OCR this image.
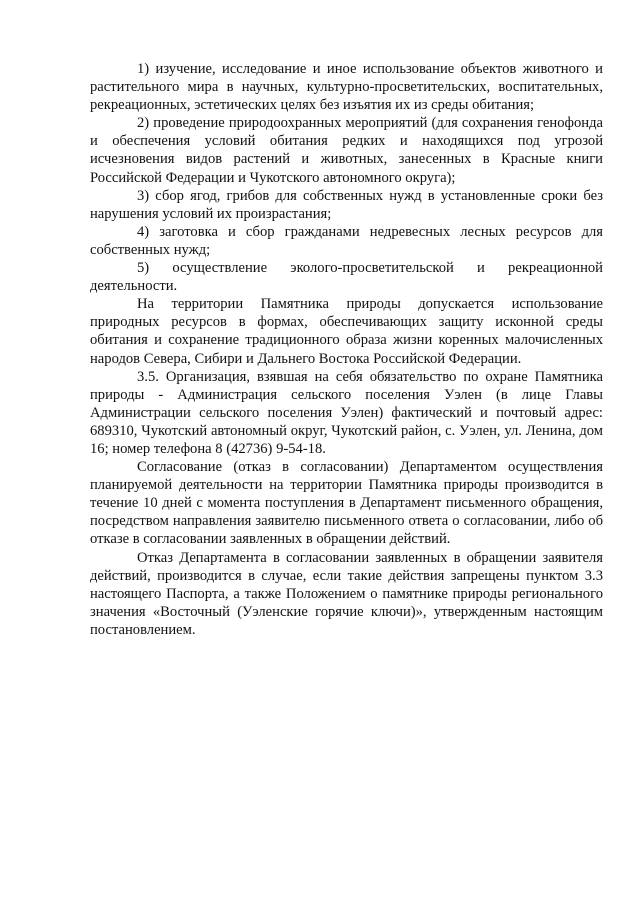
1) изучение, исследование и иное использование объектов животного и растительного мира в научных, культурно-просветительских, воспитательных, рекреационных, эстетических целях без изъятия их из среды обитания;

2) проведение природоохранных мероприятий (для сохранения генофонда и обеспечения условий обитания редких и находящихся под угрозой исчезновения видов растений и животных, занесенных в Красные книги Российской Федерации и Чукотского автономного округа);

3) сбор ягод, грибов для собственных нужд в установленные сроки без нарушения условий их произрастания;

4) заготовка и сбор гражданами недревесных лесных ресурсов для собственных нужд;

5) осуществление эколого-просветительской и рекреационной деятельности.

На территории Памятника природы допускается использование природных ресурсов в формах, обеспечивающих защиту исконной среды обитания и сохранение традиционного образа жизни коренных малочисленных народов Севера, Сибири и Дальнего Востока Российской Федерации.

3.5. Организация, взявшая на себя обязательство по охране Памятника природы - Администрация сельского поселения Уэлен (в лице Главы Администрации сельского поселения Уэлен) фактический и почтовый адрес: 689310, Чукотский автономный округ, Чукотский район, с. Уэлен, ул. Ленина, дом 16; номер телефона 8 (42736) 9-54-18.

Согласование (отказ в согласовании) Департаментом осуществления планируемой деятельности на территории Памятника природы производится в течение 10 дней с момента поступления в Департамент письменного обращения, посредством направления заявителю письменного ответа о согласовании, либо об отказе в согласовании заявленных в обращении действий.

Отказ Департамента в согласовании заявленных в обращении заявителя действий, производится в случае, если такие действия запрещены пунктом 3.3 настоящего Паспорта, а также Положением о памятнике природы регионального значения «Восточный (Уэленские горячие ключи)», утвержденным настоящим постановлением.
